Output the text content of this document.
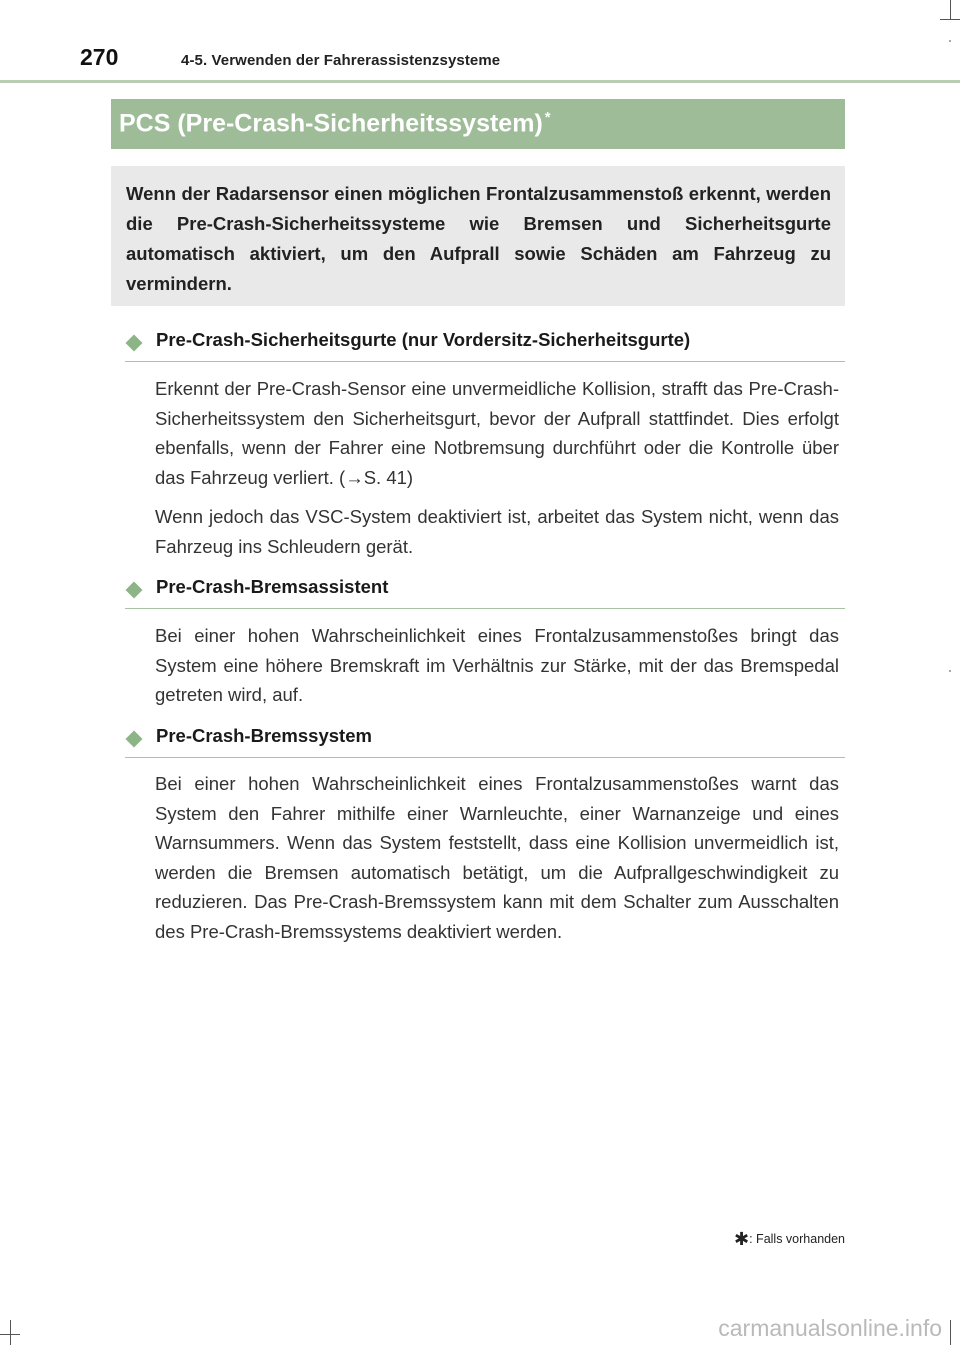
270	4-5. Verwenden der Fahrerassistenzsysteme
PCS (Pre-Crash-Sicherheitssystem) *

Wenn der Radarsensor einen möglichen Frontalzusammenstoß erkennt, werden die Pre-Crash-Sicherheitssysteme wie Bremsen und Sicherheitsgurte automatisch aktiviert, um den Aufprall sowie Schäden am Fahrzeug zu vermindern.

Pre-Crash-Sicherheitsgurte (nur Vordersitz-Sicherheitsgurte)

Erkennt der Pre-Crash-Sensor eine unvermeidliche Kollision, strafft das Pre-Crash-Sicherheitssystem den Sicherheitsgurt, bevor der Aufprall stattfindet. Dies erfolgt ebenfalls, wenn der Fahrer eine Notbremsung durchführt oder die Kontrolle über das Fahrzeug verliert. (→S. 41)

Wenn jedoch das VSC-System deaktiviert ist, arbeitet das System nicht, wenn das Fahrzeug ins Schleudern gerät.

Pre-Crash-Bremsassistent

Bei einer hohen Wahrscheinlichkeit eines Frontalzusammenstoßes bringt das System eine höhere Bremskraft im Verhältnis zur Stärke, mit der das Bremspedal getreten wird, auf.

Pre-Crash-Bremssystem

Bei einer hohen Wahrscheinlichkeit eines Frontalzusammenstoßes warnt das System den Fahrer mithilfe einer Warnleuchte, einer Warnanzeige und eines Warnsummers. Wenn das System feststellt, dass eine Kollision unvermeidlich ist, werden die Bremsen automatisch betätigt, um die Aufprallgeschwindigkeit zu reduzieren. Das Pre-Crash-Bremssystem kann mit dem Schalter zum Ausschalten des Pre-Crash-Bremssystems deaktiviert werden.

✱: Falls vorhanden
carmanualsonline.info
